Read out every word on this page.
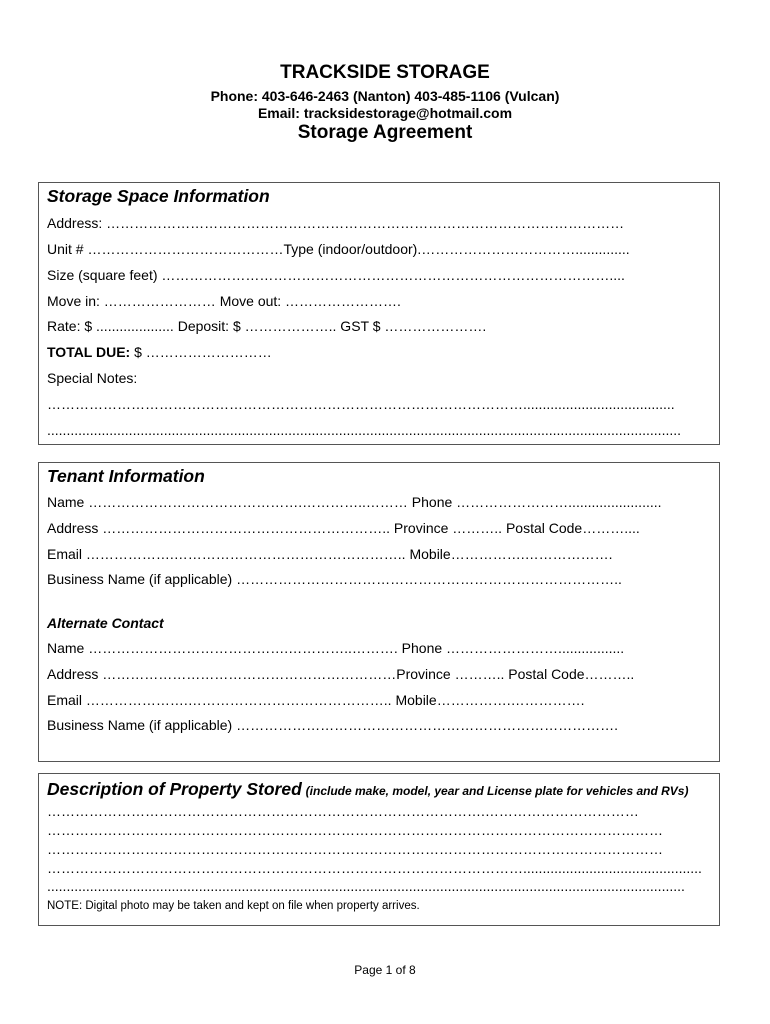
TRACKSIDE STORAGE
Phone: 403-646-2463 (Nanton) 403-485-1106 (Vulcan)
Email: tracksidestorage@hotmail.com
Storage Agreement
Storage Space Information
Address: …………………………………………………………………………………………………
Unit # ……………………………………Type (indoor/outdoor).……………………………..............
Size (square feet) ……………………………………………………………………………………....
Move in: …………………… Move out: …………………….
Rate: $ .................... Deposit: $ ……………….. GST $ ………………….
TOTAL DUE: $ ………………………
Special Notes:
………………………………………………………………………………………….......................................
...................................................................................................................................................................
Tenant Information
Name ……………………………………….…………..……… Phone ……………………........................
Address …………………………………………………….. Province ……….. Postal Code………....
Email ……………….………………………………………….. Mobile…………….……………….
Business Name (if applicable) ………………………………………………………………………..
Alternate Contact
Name …………………………………….…………..………. Phone …………………….................
Address ………………………………………………………Province ……….. Postal Code………..
Email ………………….…………………………………….. Mobile…………….…………….
Business Name (if applicable) ……………………………………………………………………….
Description of Property Stored (include make, model, year and License plate for vehicles and RVs)
………………………………………………………………………………….……………………………
……………………………………………………………………………………………………………………
……………………………………………………………………………………………………………………
…………………………………………………………………………………………..............................................
....................................................................................................................................................................
NOTE: Digital photo may be taken and kept on file when property arrives.
Page 1 of 8
